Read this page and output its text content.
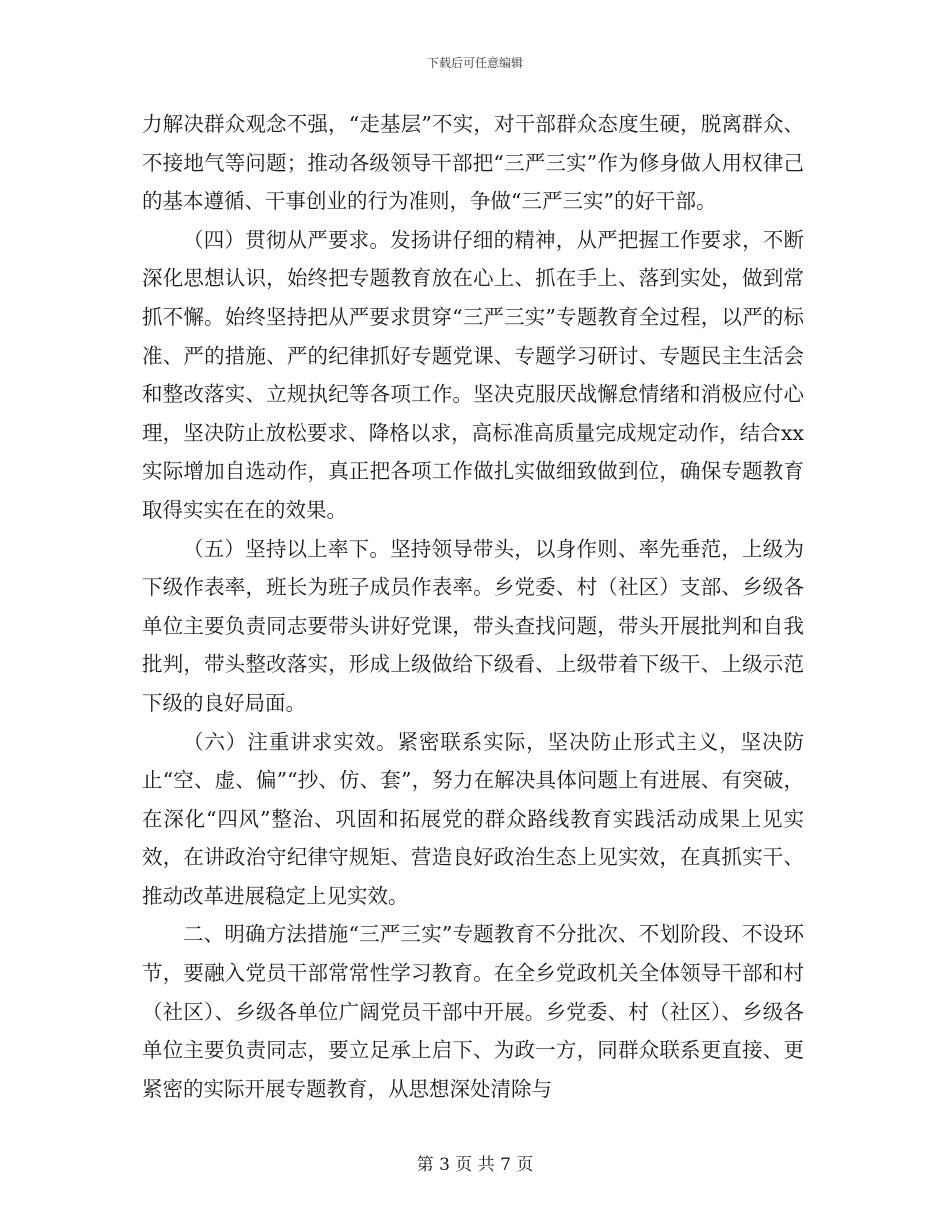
下载后可任意编辑

力解决群众观念不强，“走基层”不实，对干部群众态度生硬，脱离群众、不接地气等问题；推动各级领导干部把“三严三实”作为修身做人用权律己的基本遵循、干事创业的行为准则，争做“三严三实”的好干部。

（四）贯彻从严要求。发扬讲仔细的精神，从严把握工作要求，不断深化思想认识，始终把专题教育放在心上、抓在手上、落到实处，做到常抓不懈。始终坚持把从严要求贯穿“三严三实”专题教育全过程，以严的标准、严的措施、严的纪律抓好专题党课、专题学习研讨、专题民主生活会和整改落实、立规执纪等各项工作。坚决克服厌战懈怠情绪和消极应付心理，坚决防止放松要求、降格以求，高标准高质量完成规定动作，结合xx实际增加自选动作，真正把各项工作做扎实做细致做到位，确保专题教育取得实实在在的效果。

（五）坚持以上率下。坚持领导带头，以身作则、率先垂范，上级为下级作表率，班长为班子成员作表率。乡党委、村（社区）支部、乡级各单位主要负责同志要带头讲好党课，带头查找问题，带头开展批判和自我批判，带头整改落实，形成上级做给下级看、上级带着下级干、上级示范下级的良好局面。

（六）注重讲求实效。紧密联系实际，坚决防止形式主义，坚决防止“空、虚、偏”“抄、仿、套”，努力在解决具体问题上有进展、有突破，在深化“四风”整治、巩固和拓展党的群众路线教育实践活动成果上见实效，在讲政治守纪律守规矩、营造良好政治生态上见实效，在真抓实干、推动改革进展稳定上见实效。

二、明确方法措施“三严三实”专题教育不分批次、不划阶段、不设环节，要融入党员干部常常性学习教育。在全乡党政机关全体领导干部和村（社区）、乡级各单位广阔党员干部中开展。乡党委、村（社区）、乡级各单位主要负责同志，要立足承上启下、为政一方，同群众联系更直接、更紧密的实际开展专题教育，从思想深处清除与

第 3 页 共 7 页
